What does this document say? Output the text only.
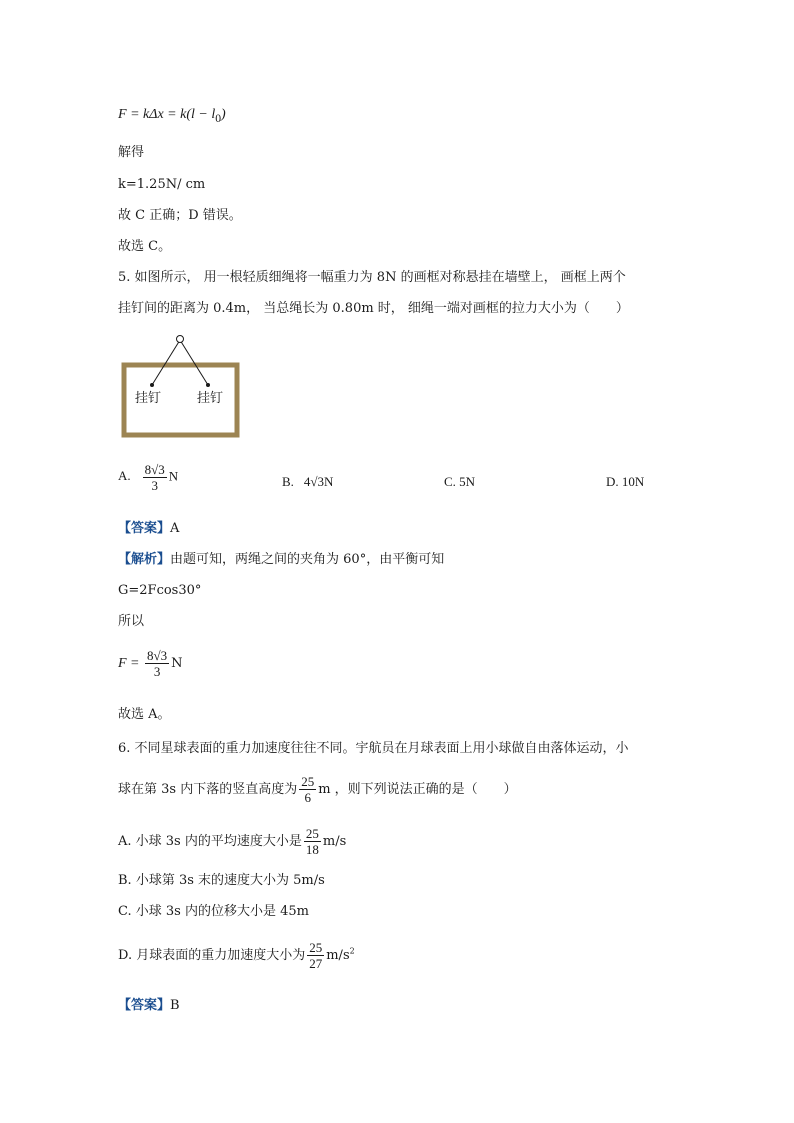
$F = k\Delta x = k(l - l_0)$
解得
k=1.25N/ cm
故 C 正确；D 错误。
故选 C。
5. 如图所示， 用一根轻质细绳将一幅重力为 8N 的画框对称悬挂在墙壁上， 画框上两个
挂钉间的距离为 0.4m， 当总绳长为 0.80m 时， 细绳一端对画框的拉力大小为（　　）
挂钉	挂钉
A. $\frac{8√3}{3}$ N	B. 4√3N	C. 5N	D. 10N
【答案】A
【解析】由题可知，两绳之间的夹角为 60°，由平衡可知
G=2Fcos30°
所以
$F = \frac{8√3}{3}$ N
故选 A。
6. 不同星球表面的重力加速度往往不同。宇航员在月球表面上用小球做自由落体运动，小
球在第 3s 内下落的竖直高度为 $\frac{25}{6}$ m ，则下列说法正确的是（　　）
A. 小球 3s 内的平均速度大小是 $\frac{25}{18} m/s$
B. 小球第 3s 末的速度大小为 5m/s
C. 小球 3s 内的位移大小是 45m
D. 月球表面的重力加速度大小为 $\frac{25}{27} m/s^2$
【答案】B
